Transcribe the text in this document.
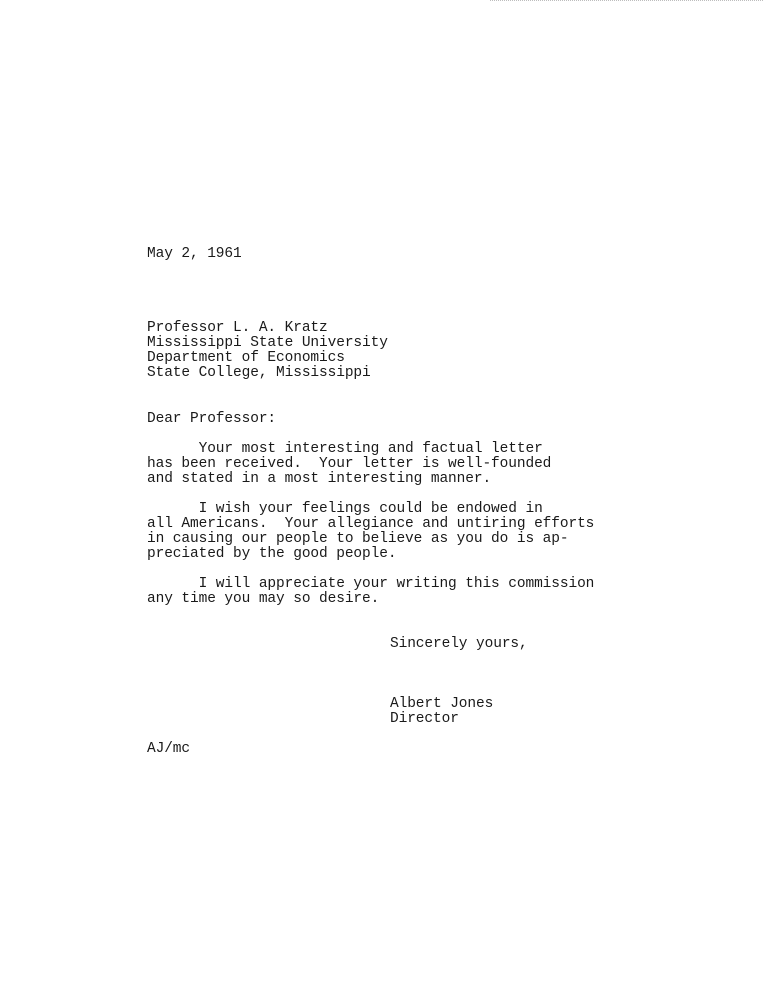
May 2, 1961
Professor L. A. Kratz
Mississippi State University
Department of Economics
State College, Mississippi
Dear Professor:
Your most interesting and factual letter
has been received.  Your letter is well-founded
and stated in a most interesting manner.
I wish your feelings could be endowed in
all Americans.  Your allegiance and untiring efforts
in causing our people to believe as you do is ap-
preciated by the good people.
I will appreciate your writing this commission
any time you may so desire.
Sincerely yours,
Albert Jones
Director
AJ/mc
